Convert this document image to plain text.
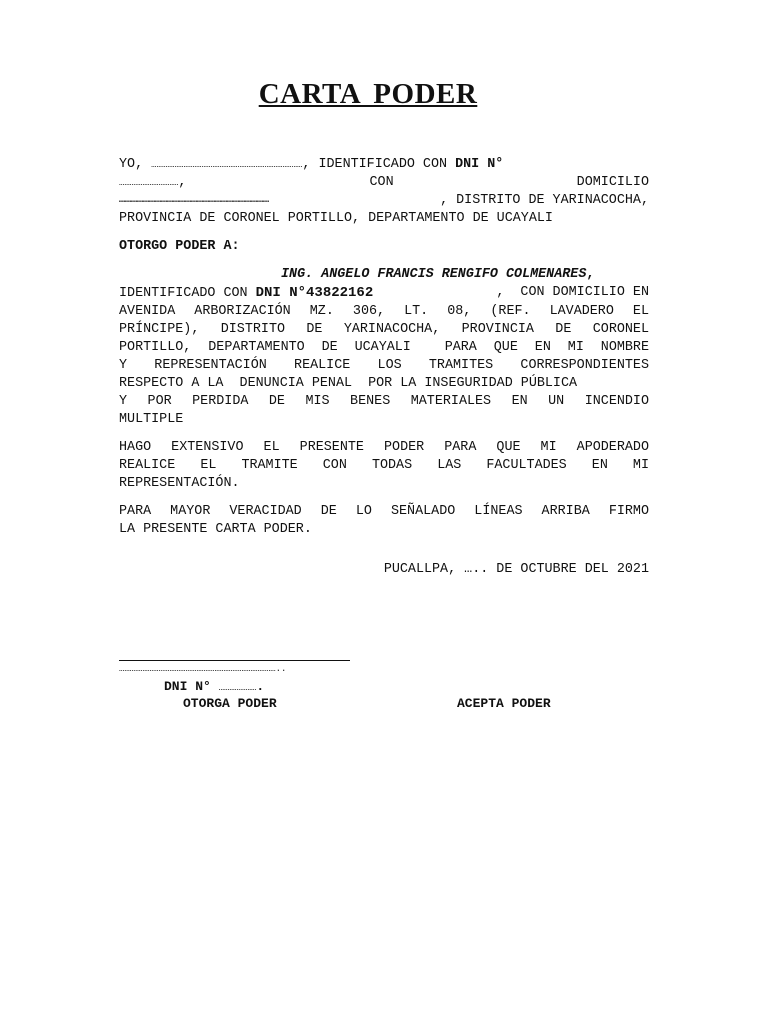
CARTA PODER
YO, …………………………………………………………………………, IDENTIFICADO CON DNI N°
……………………………,	CON	DOMICILIO
…………………………………………………………………	, DISTRITO DE YARINACOCHA,
PROVINCIA DE CORONEL PORTILLO, DEPARTAMENTO DE UCAYALI
OTORGO PODER A:
ING. ANGELO FRANCIS RENGIFO COLMENARES,
IDENTIFICADO CON DNI N°43822162	,  CON DOMICILIO EN
AVENIDA ARBORIZACIÓN MZ. 306, LT. 08, (REF. LAVADERO EL
PRÍNCIPE), DISTRITO DE YARINACOCHA, PROVINCIA DE CORONEL
PORTILLO, DEPARTAMENTO DE UCAYALI  PARA QUE EN MI NOMBRE
Y REPRESENTACIÓN REALICE LOS TRAMITES CORRESPONDIENTES
RESPECTO A LA  DENUNCIA PENAL  POR LA INSEGURIDAD PÚBLICA
Y POR PERDIDA DE MIS BENES MATERIALES EN UN INCENDIO
MULTIPLE
HAGO EXTENSIVO EL PRESENTE PODER PARA QUE MI APODERADO
REALICE EL TRAMITE CON TODAS LAS FACULTADES EN MI
REPRESENTACIÓN.
PARA MAYOR VERACIDAD DE LO SEÑALADO LÍNEAS ARRIBA FIRMO
LA PRESENTE CARTA PODER.
PUCALLPA, ….. DE OCTUBRE DEL 2021
……………………………………………………………………………..
DNI N° ………………….
OTORGA PODER	ACEPTA PODER
